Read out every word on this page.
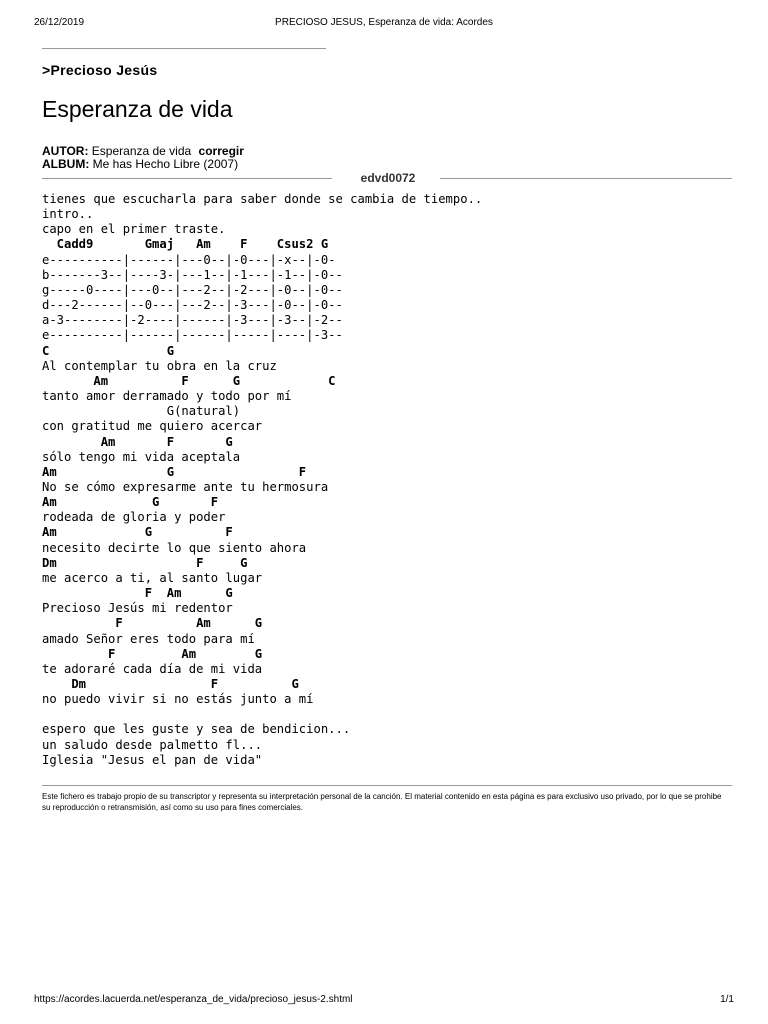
26/12/2019	PRECIOSO JESUS, Esperanza de vida: Acordes
>Precioso Jesús
Esperanza de vida
AUTOR: Esperanza de vida corregir
ALBUM: Me has Hecho Libre (2007)
edvd0072
tienes que escucharla para saber donde se cambia de tiempo..
intro..
capo en el primer traste.
Cadd9       Gmaj   Am    F    Csus2 G
e----------|------|---0--|-0---|-x--|-0-
b-------3--|----3-|---1--|-1---|-1--|-0--
g-----0----|---0--|---2--|-2---|-0--|-0--
d---2------|--0---|---2--|-3---|-0--|-0--
a-3--------|-2----|------|-3---|-3--|-2--
e----------|------|------|-----|----|-3--
C                G
Al contemplar tu obra en la cruz
Am          F      G            C
tanto amor derramado y todo por mí
G(natural)
con gratitud me quiero acercar
Am       F       G
sólo tengo mi vida aceptala
Am               G                 F
No se cómo expresarme ante tu hermosura
Am             G       F
rodeada de gloria y poder
Am            G          F
necesito decirte lo que siento ahora
Dm                   F     G
me acerco a ti, al santo lugar
F  Am      G
Precioso Jesús mi redentor
F          Am      G
amado Señor eres todo para mí
F         Am        G
te adoraré cada día de mi vida
Dm                 F          G
no puedo vivir si no estás junto a mí

espero que les guste y sea de bendicion...
un saludo desde palmetto fl...
Iglesia "Jesus el pan de vida"

Este fichero es trabajo propio de su transcriptor y representa su interpretación personal de la canción. El material contenido en esta página es para exclusivo uso privado, por lo que se prohibe su reproducción o retransmisión, así como su uso para fines comerciales.
https://acordes.lacuerda.net/esperanza_de_vida/precioso_jesus-2.shtml	1/1
